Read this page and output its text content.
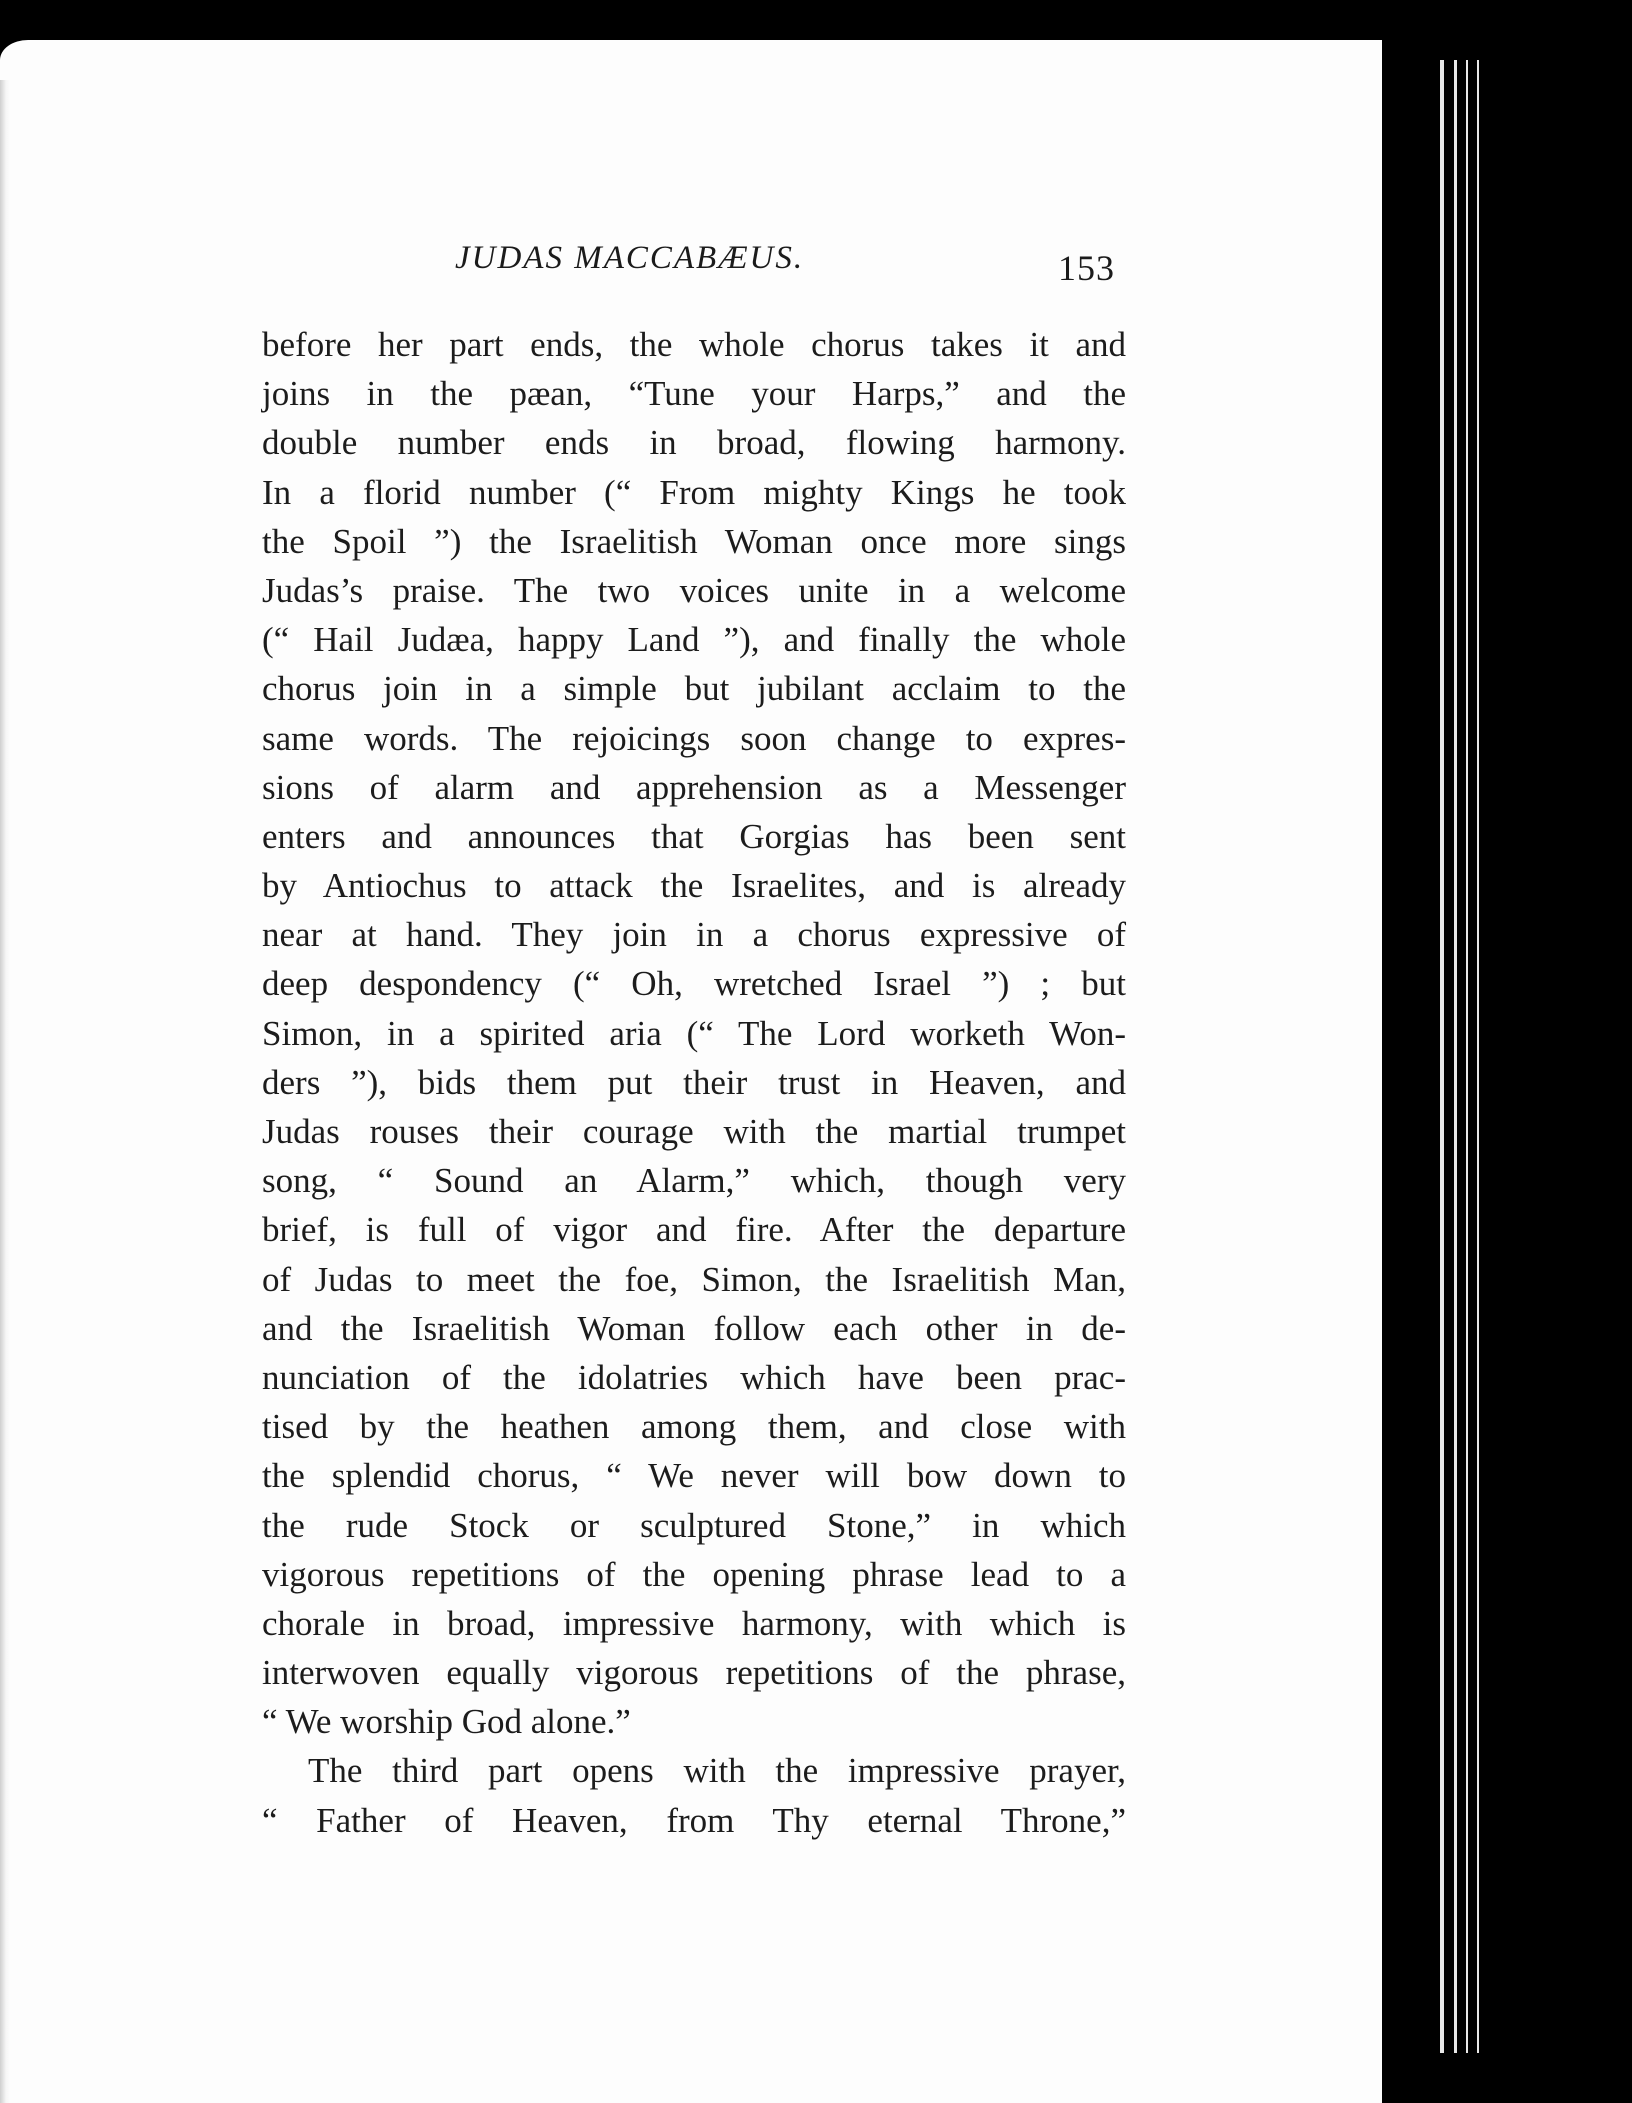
JUDAS MACCABÆUS.	153
before her part ends, the whole chorus takes it and
joins in the pæan, “Tune your Harps,” and the
double number ends in broad, flowing harmony.
In a florid number (“ From mighty Kings he took
the Spoil ”) the Israelitish Woman once more sings
Judas’s praise. The two voices unite in a welcome
(“ Hail Judæa, happy Land ”), and finally the whole
chorus join in a simple but jubilant acclaim to the
same words. The rejoicings soon change to expres-
sions of alarm and apprehension as a Messenger
enters and announces that Gorgias has been sent
by Antiochus to attack the Israelites, and is already
near at hand. They join in a chorus expressive of
deep despondency (“ Oh, wretched Israel ”) ; but
Simon, in a spirited aria (“ The Lord worketh Won-
ders ”), bids them put their trust in Heaven, and
Judas rouses their courage with the martial trumpet
song, “ Sound an Alarm,” which, though very
brief, is full of vigor and fire. After the departure
of Judas to meet the foe, Simon, the Israelitish Man,
and the Israelitish Woman follow each other in de-
nunciation of the idolatries which have been prac-
tised by the heathen among them, and close with
the splendid chorus, “ We never will bow down to
the rude Stock or sculptured Stone,” in which
vigorous repetitions of the opening phrase lead to a
chorale in broad, impressive harmony, with which is
interwoven equally vigorous repetitions of the phrase,
“ We worship God alone.”
The third part opens with the impressive prayer,
“ Father of Heaven, from Thy eternal Throne,”
